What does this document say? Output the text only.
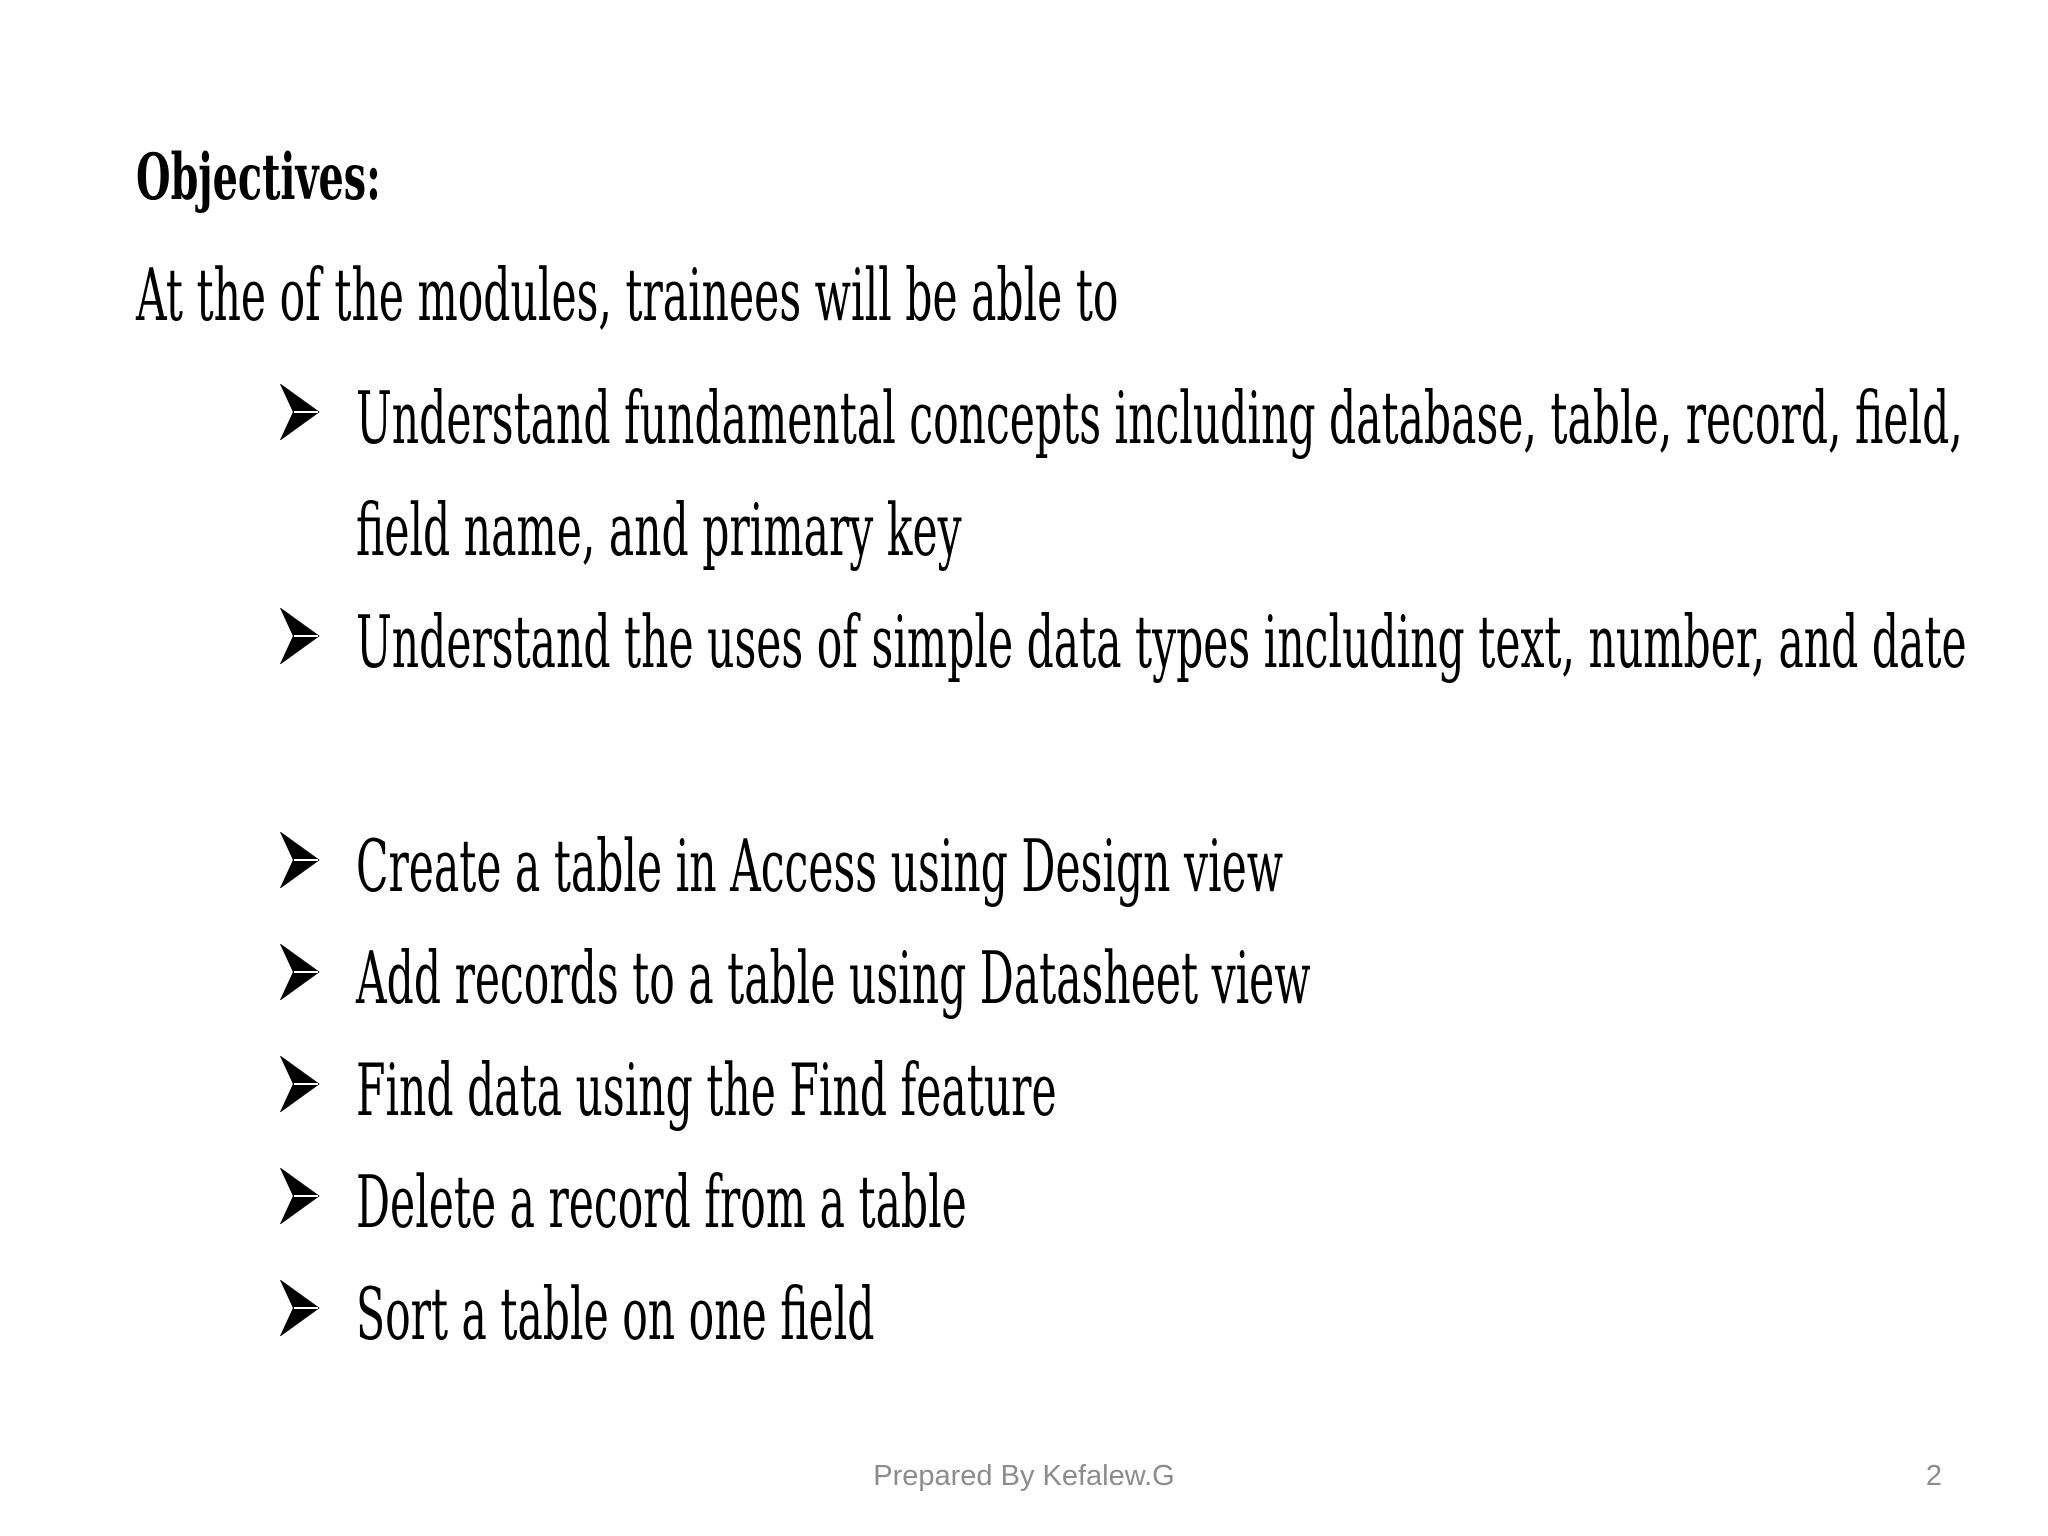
Objectives:
At the of the modules, trainees will be able to
Understand fundamental concepts including database, table, record, field, field name, and primary key
Understand the uses of simple data types including text, number, and date
Create a table in Access using Design view
Add records to a table using Datasheet view
Find data using the Find feature
Delete a record from a table
Sort a table on one field
Prepared By Kefalew.G	2
